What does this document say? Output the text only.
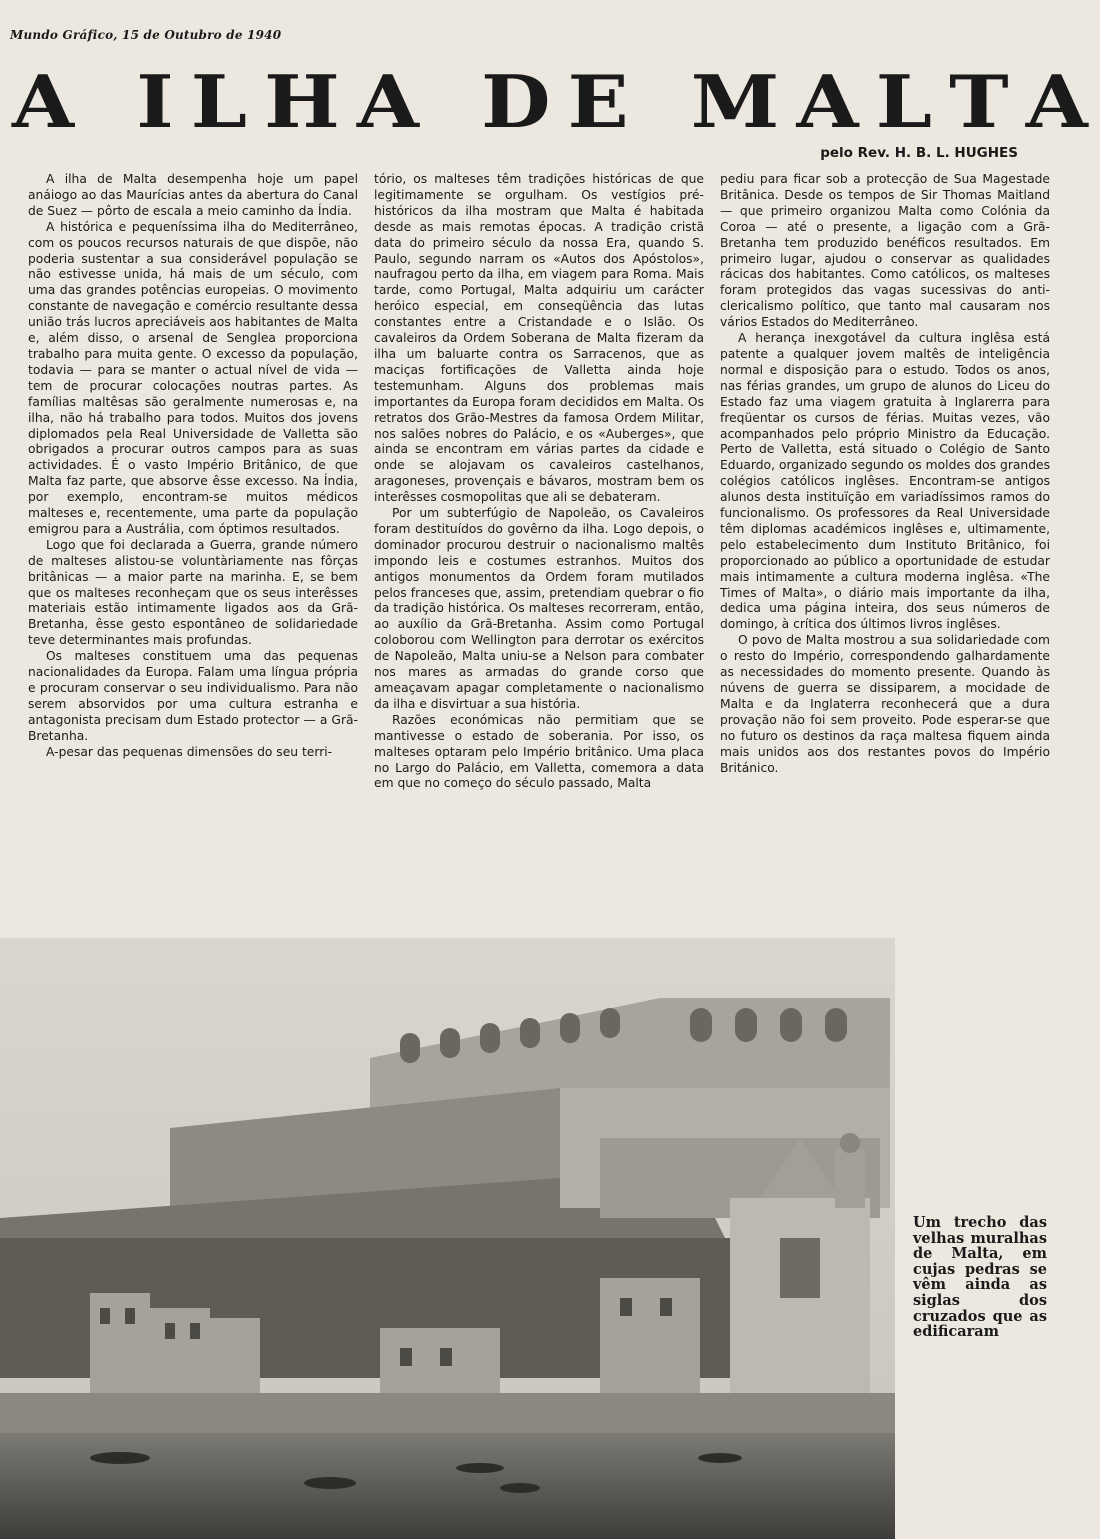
Mundo Gráfico, 15 de Outubro de 1940
A
I L H A
D E
M A L T A
pelo Rev. H. B. L. HUGHES

A ilha de Malta desempenha hoje um papel anáiogo ao das Maurícias antes da abertura do Canal de Suez — pôrto de escala a meio caminho da Índia.

A histórica e pequeníssima ilha do Mediterrâneo, com os poucos recursos naturais de que dispõe, não poderia sustentar a sua considerável população se não estivesse unida, há mais de um século, com uma das grandes potências europeias. O movimento constante de navegação e comércio resultante dessa união trás lucros apreciáveis aos habitantes de Malta e, além disso, o arsenal de Senglea proporciona trabalho para muita gente. O excesso da população, todavia — para se manter o actual nível de vida — tem de procurar colocações noutras partes. As famílias maltêsas são geralmente numerosas e, na ilha, não há trabalho para todos. Muitos dos jovens diplomados pela Real Universidade de Valletta são obrigados a procurar outros campos para as suas actividades. É o vasto Império Britânico, de que Malta faz parte, que absorve êsse excesso. Na Índia, por exemplo, encontram-se muitos médicos malteses e, recentemente, uma parte da população emigrou para a Austrália, com óptimos resultados.

Logo que foi declarada a Guerra, grande número de malteses alistou-se voluntàriamente nas fôrças britânicas — a maior parte na marinha. E, se bem que os malteses reconheçam que os seus interêsses materiais estão intimamente ligados aos da Grã-Bretanha, êsse gesto espontâneo de solidariedade teve determinantes mais profundas.

Os malteses constituem uma das pequenas nacionalidades da Europa. Falam uma língua própria e procuram conservar o seu individualismo. Para não serem absorvidos por uma cultura estranha e antagonista precisam dum Estado protector — a Grã-Bretanha.

A-pesar das pequenas dimensões do seu terri-

tório, os malteses têm tradições históricas de que legitimamente se orgulham. Os vestígios pré-históricos da ilha mostram que Malta é habitada desde as mais remotas épocas. A tradição cristã data do primeiro século da nossa Era, quando S. Paulo, segundo narram os «Autos dos Apóstolos», naufragou perto da ilha, em viagem para Roma. Mais tarde, como Portugal, Malta adquiriu um carácter heróico especial, em conseqüência das lutas constantes entre a Cristandade e o Islão. Os cavaleiros da Ordem Soberana de Malta fizeram da ilha um baluarte contra os Sarracenos, que as maciças fortificações de Valletta ainda hoje testemunham. Alguns dos problemas mais importantes da Europa foram decididos em Malta. Os retratos dos Grão-Mestres da famosa Ordem Militar, nos salões nobres do Palácio, e os «Auberges», que ainda se encontram em várias partes da cidade e onde se alojavam os cavaleiros castelhanos, aragoneses, provençais e bávaros, mostram bem os interêsses cosmopolitas que ali se debateram.

Por um subterfúgio de Napoleão, os Cavaleiros foram destituídos do govêrno da ilha. Logo depois, o dominador procurou destruir o nacionalismo maltês impondo leis e costumes estranhos. Muitos dos antigos monumentos da Ordem foram mutilados pelos franceses que, assim, pretendiam quebrar o fio da tradição histórica. Os malteses recorreram, então, ao auxílio da Grã-Bretanha. Assim como Portugal coloborou com Wellington para derrotar os exércitos de Napoleão, Malta uniu-se a Nelson para combater nos mares as armadas do grande corso que ameaçavam apagar completamente o nacionalismo da ilha e disvirtuar a sua história.

Razões económicas não permitiam que se mantivesse o estado de soberania. Por isso, os malteses optaram pelo Império britânico. Uma placa no Largo do Palácio, em Valletta, comemora a data em que no começo do século passado, Malta

pediu para ficar sob a protecção de Sua Magestade Britânica. Desde os tempos de Sir Thomas Maitland — que primeiro organizou Malta como Colónia da Coroa — até o presente, a ligação com a Grã-Bretanha tem produzido benéficos resultados. Em primeiro lugar, ajudou o conservar as qualidades rácicas dos habitantes. Como católicos, os malteses foram protegidos das vagas sucessivas do anti-clericalismo político, que tanto mal causaram nos vários Estados do Mediterrâneo.

A herança inexgotável da cultura inglêsa está patente a qualquer jovem maltês de inteligência normal e disposição para o estudo. Todos os anos, nas férias grandes, um grupo de alunos do Liceu do Estado faz uma viagem gratuita à Inglarerra para freqüentar os cursos de férias. Muitas vezes, vão acompanhados pelo próprio Ministro da Educação. Perto de Valletta, está situado o Colégio de Santo Eduardo, organizado segundo os moldes dos grandes colégios católicos inglêses. Encontram-se antigos alunos desta instituïção em variadíssimos ramos do funcionalismo. Os professores da Real Universidade têm diplomas académicos inglêses e, ultimamente, pelo estabelecimento dum Instituto Britânico, foi proporcionado ao público a oportunidade de estudar mais intimamente a cultura moderna inglêsa. «The Times of Malta», o diário mais importante da ilha, dedica uma página inteira, dos seus números de domingo, à crítica dos últimos livros inglêses.

O povo de Malta mostrou a sua solidariedade com o resto do Império, correspondendo galhardamente as necessidades do momento presente. Quando às núvens de guerra se dissiparem, a mocidade de Malta e da Inglaterra reconhecerá que a dura provação não foi sem proveito. Pode esperar-se que no futuro os destinos da raça maltesa fiquem ainda mais unidos aos dos restantes povos do Império Británico.

Um trecho das velhas muralhas de Malta, em cujas pedras se vêm ainda as siglas dos cruzados que as edificaram
